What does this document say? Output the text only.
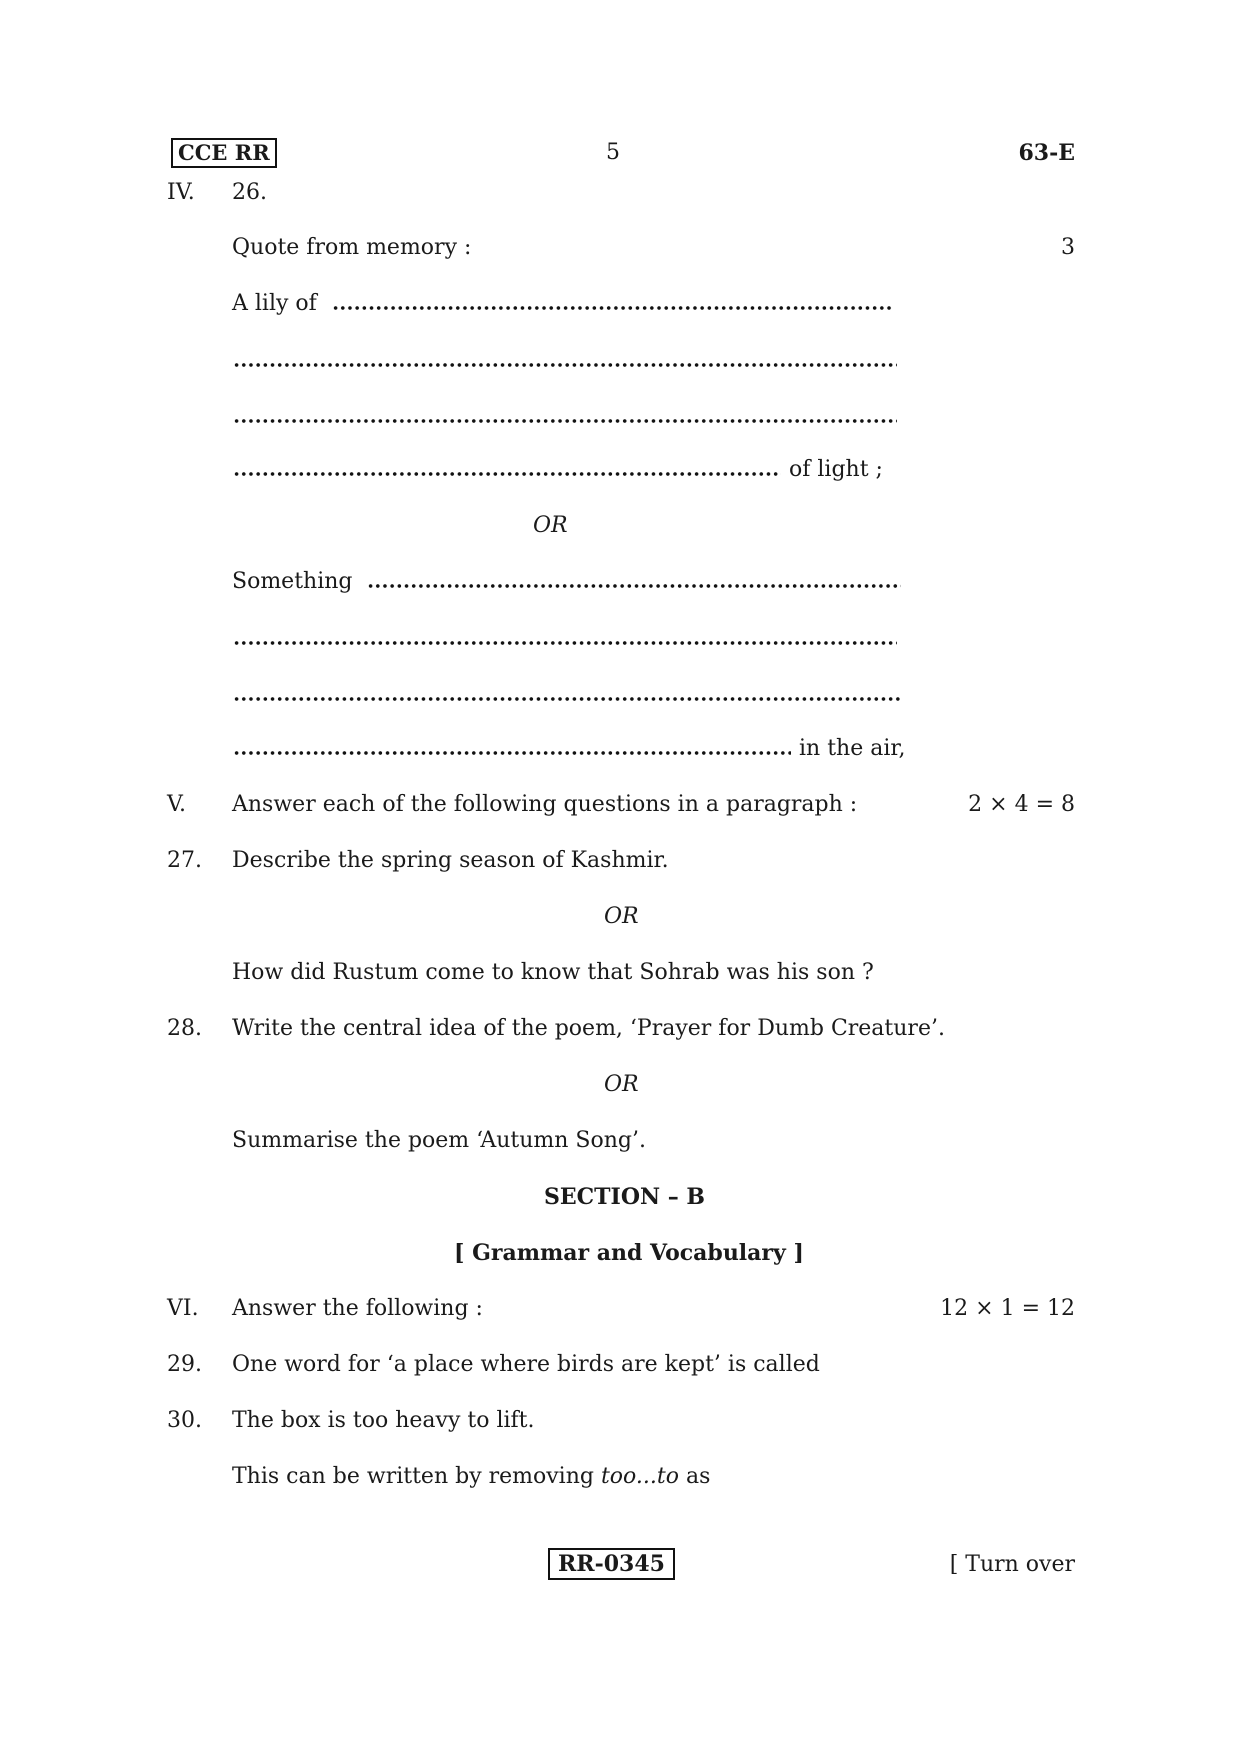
CCE RR	5	63-E
IV. 26.
Quote from memory :	3
A lily of
of light ;
OR
Something
in the air,
V. Answer each of the following questions in a paragraph :	2 × 4 = 8
27. Describe the spring season of Kashmir.
OR
How did Rustum come to know that Sohrab was his son ?
28. Write the central idea of the poem, ‘Prayer for Dumb Creature’.
OR
Summarise the poem ‘Autumn Song’.
SECTION – B
[ Grammar and Vocabulary ]
VI. Answer the following :	12 × 1 = 12
29. One word for ‘a place where birds are kept’ is called
30. The box is too heavy to lift.
This can be written by removing too...to as
RR-0345	[ Turn over
